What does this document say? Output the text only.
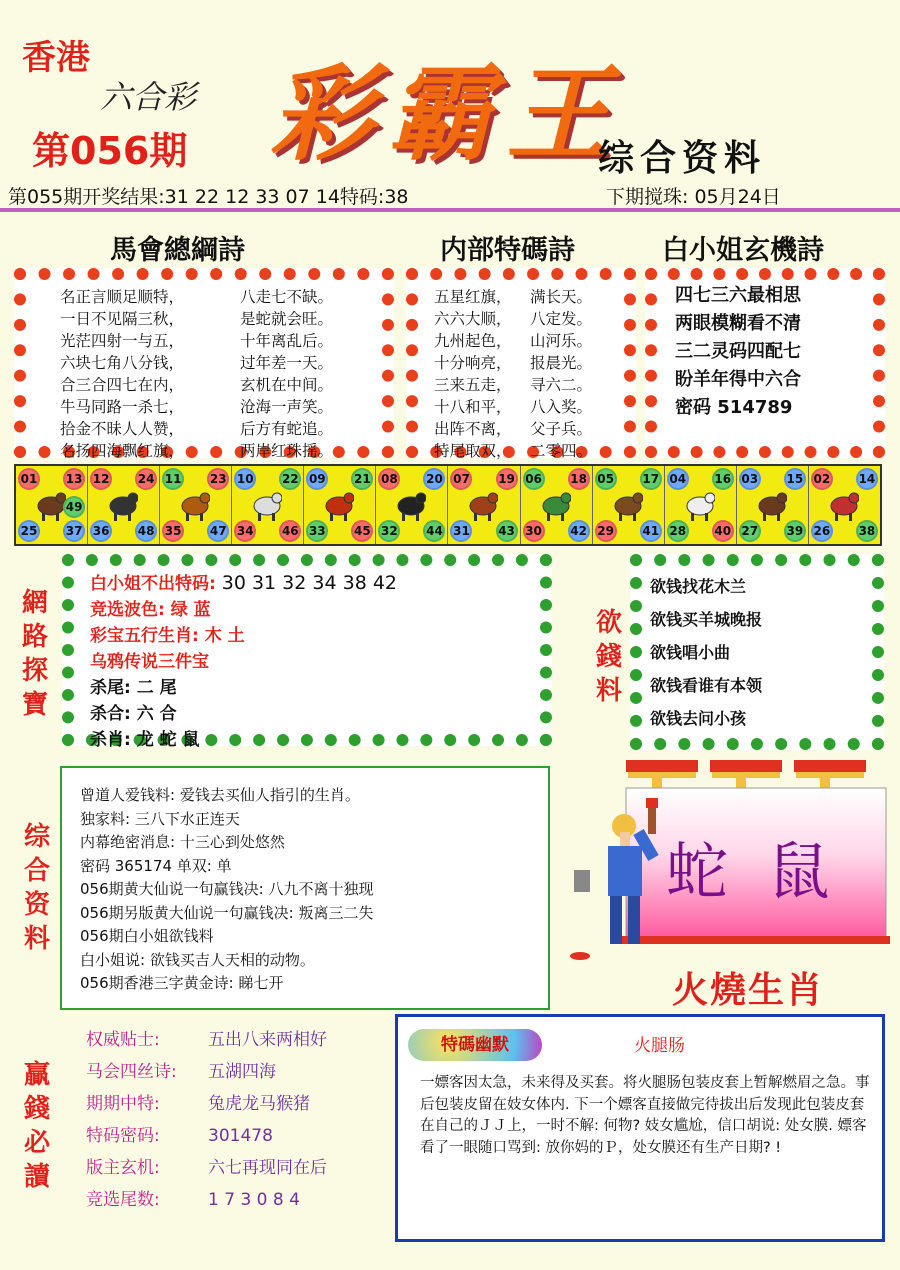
香港
六合彩
第056期 彩霸王
综合资料
第055期开奖结果:31 22 12 33 07 14特码:38	下期搅珠: 05月24日
馬會總綱詩	内部特碼詩	白小姐玄機詩
名正言顺足顺特，	八走七不缺。
一日不见隔三秋，	是蛇就会旺。
光茫四射一与五，	十年离乱后。
六块七角八分钱，	过年差一天。
合三合四七在内，	玄机在中间。
牛马同路一杀七，	沧海一声笑。
拾金不昧人人赞，	后方有蛇追。
名扬四海飘红旗，	两岸红珠摇。
五星红旗， 满长天。
六六大顺， 八定发。
九州起色， 山河乐。
十分响亮， 报晨光。
三来五走， 寻六二。
十八和平， 八入奖。
出阵不离， 父子兵。
特尾取双， 二零四。
四七三六最相思
两眼模糊看不清
三二灵码四配七
盼羊年得中六合
密码 514789
01 13
49
25 37
12 24
36 48
11 23
35 47
10 22
34 46
09 21
33 45
08 20
32 44
07 19
31 43
06 18
30 42
05 17
29 41
04 16
28 40
03 15
27 39
02 14
26 38
網路探寶
白小姐不出特码: 30 31 32 34 38 42
竞选波色: 绿 蓝
彩宝五行生肖: 木 土
乌鸦传说三件宝
杀尾: 二 尾
杀合: 六 合
杀肖: 龙 蛇 鼠
欲錢料
欲钱找花木兰
欲钱买羊城晚报
欲钱唱小曲
欲钱看谁有本领
欲钱去问小孩
综合资料
曾道人爱钱料: 爱钱去买仙人指引的生肖。
独家料: 三八下水正连天
内幕绝密消息: 十三心到处悠然
密码 365174 单双: 单
056期黄大仙说一句赢钱决: 八九不离十独现
056期另版黄大仙说一句赢钱决: 叛离三二失
056期白小姐欲钱料
白小姐说: 欲钱买吉人天相的动物。
056期香港三字黄金诗: 睇七开
蛇 鼠
火燒生肖
贏錢必讀
权威贴士:	五出八来两相好
马会四丝诗: 五湖四海
期期中特:	兔虎龙马猴猪
特码密码:	301478
版主玄机:	六七再现同在后
竞选尾数:	1 7 3 0 8 4
特碼幽默	火腿肠
一嫖客因太急，未来得及买套。将火腿肠包装皮套上暂解燃眉之急。事后包装皮留在妓女体内. 下一个嫖客直接做完待拔出后发现此包装皮套在自己的ＪＪ上，一时不解: 何物? 妓女尴尬，信口胡说: 处女膜. 嫖客看了一眼随口骂到: 放你妈的Ｐ，处女膜还有生产日期? !
